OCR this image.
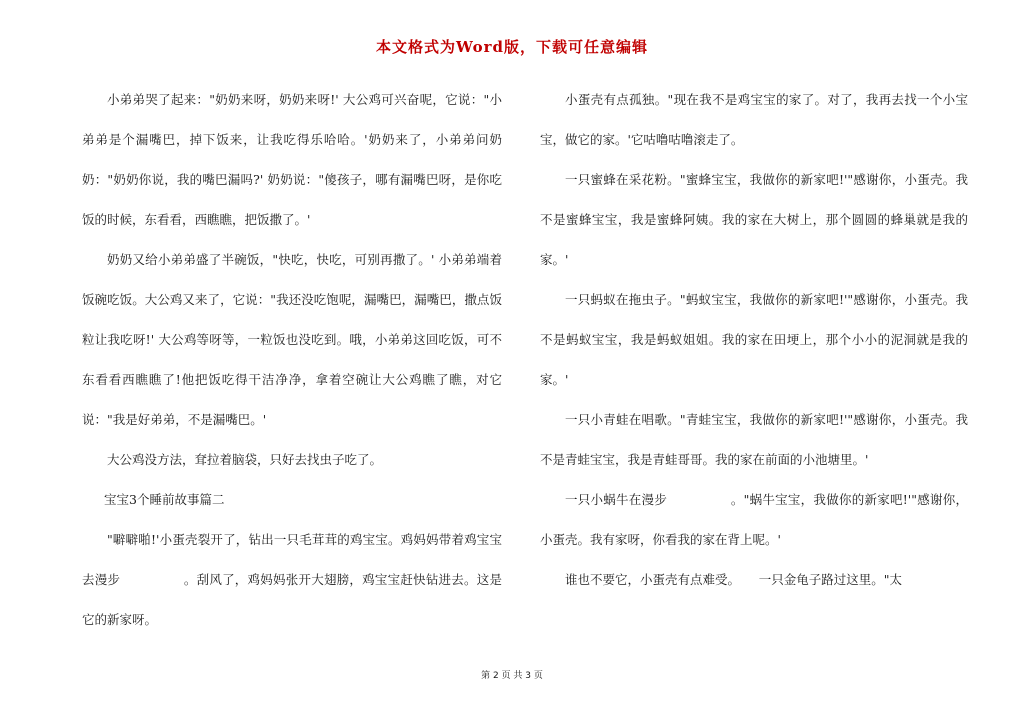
本文格式为Word版，下载可任意编辑

小弟弟哭了起来："奶奶来呀，奶奶来呀!' 大公鸡可兴奋呢，它说："小弟弟是个漏嘴巴，掉下饭来，让我吃得乐哈哈。'奶奶来了，小弟弟问奶奶："奶奶你说，我的嘴巴漏吗?' 奶奶说："傻孩子，哪有漏嘴巴呀，是你吃饭的时候，东看看，西瞧瞧，把饭撒了。'

奶奶又给小弟弟盛了半碗饭，"快吃，快吃，可别再撒了。' 小弟弟端着饭碗吃饭。大公鸡又来了，它说："我还没吃饱呢，漏嘴巴，漏嘴巴，撒点饭粒让我吃呀!' 大公鸡等呀等，一粒饭也没吃到。哦，小弟弟这回吃饭，可不东看看西瞧瞧了!他把饭吃得干洁净净，拿着空碗让大公鸡瞧了瞧，对它说："我是好弟弟，不是漏嘴巴。'

大公鸡没方法，耷拉着脑袋，只好去找虫子吃了。

宝宝3个睡前故事篇二

"噼噼啪!'小蛋壳裂开了，钻出一只毛茸茸的鸡宝宝。鸡妈妈带着鸡宝宝去漫步　　　　　。刮风了，鸡妈妈张开大翅膀，鸡宝宝赶快钻进去。这是它的新家呀。

小蛋壳有点孤独。"现在我不是鸡宝宝的家了。对了，我再去找一个小宝宝，做它的家。'它咕噜咕噜滚走了。

一只蜜蜂在采花粉。"蜜蜂宝宝，我做你的新家吧!'"感谢你，小蛋壳。我不是蜜蜂宝宝，我是蜜蜂阿姨。我的家在大树上，那个圆圆的蜂巢就是我的家。'

一只蚂蚁在拖虫子。"蚂蚁宝宝，我做你的新家吧!'"感谢你，小蛋壳。我不是蚂蚁宝宝，我是蚂蚁姐姐。我的家在田埂上，那个小小的泥洞就是我的家。'

一只小青蛙在唱歌。"青蛙宝宝，我做你的新家吧!'"感谢你，小蛋壳。我不是青蛙宝宝，我是青蛙哥哥。我的家在前面的小池塘里。'

一只小蜗牛在漫步　　　　　。"蜗牛宝宝，我做你的新家吧!'"感谢你，小蛋壳。我有家呀，你看我的家在背上呢。'

谁也不要它，小蛋壳有点难受。　　一只金龟子路过这里。"太

第 2 页 共 3 页
